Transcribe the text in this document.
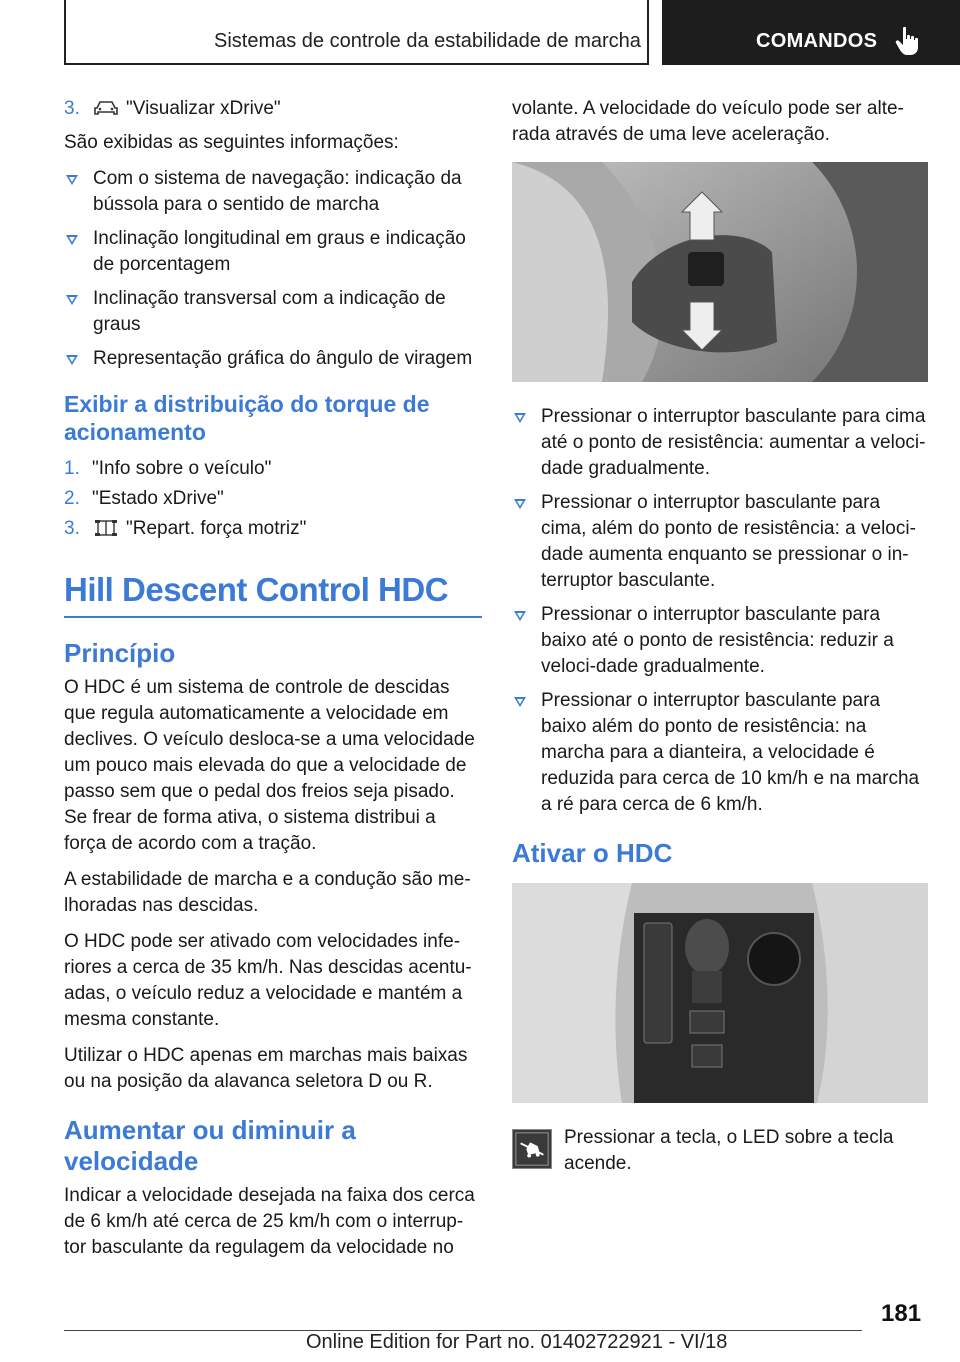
Sistemas de controle da estabilidade de marcha	COMANDOS
3. "Visualizar xDrive"

São exibidas as seguintes informações:

Com o sistema de navegação: indicação da bússola para o sentido de marcha
Inclinação longitudinal em graus e indicação de porcentagem
Inclinação transversal com a indicação de graus
Representação gráfica do ângulo de viragem
Exibir a distribuição do torque de acionamento
1. "Info sobre o veículo"
2. "Estado xDrive"
3. "Repart. força motriz"
Hill Descent Control HDC
Princípio

O HDC é um sistema de controle de descidas que regula automaticamente a velocidade em declives. O veículo desloca-se a uma velocidade um pouco mais elevada do que a velocidade de passo sem que o pedal dos freios seja pisado. Se frear de forma ativa, o sistema distribui a força de acordo com a tração.

A estabilidade de marcha e a condução são me‐lhoradas nas descidas.

O HDC pode ser ativado com velocidades infe‐riores a cerca de 35 km/h. Nas descidas acentu‐adas, o veículo reduz a velocidade e mantém a mesma constante.

Utilizar o HDC apenas em marchas mais baixas ou na posição da alavanca seletora D ou R.

Aumentar ou diminuir a velocidade

Indicar a velocidade desejada na faixa dos cerca de 6 km/h até cerca de 25 km/h com o interrup‐tor basculante da regulagem da velocidade no

volante. A velocidade do veículo pode ser alte‐rada através de uma leve aceleração.

Pressionar o interruptor basculante para cima até o ponto de resistência: aumentar a veloci‐dade gradualmente.
Pressionar o interruptor basculante para cima, além do ponto de resistência: a veloci‐dade aumenta enquanto se pressionar o in‐terruptor basculante.
Pressionar o interruptor basculante para baixo até o ponto de resistência: reduzir a veloci‐dade gradualmente.
Pressionar o interruptor basculante para baixo além do ponto de resistência: na marcha para a dianteira, a velocidade é reduzida para cerca de 10 km/h e na marcha a ré para cerca de 6 km/h.
Ativar o HDC

Pressionar a tecla, o LED sobre a tecla acende.

181
Online Edition for Part no. 01402722921 - VI/18
